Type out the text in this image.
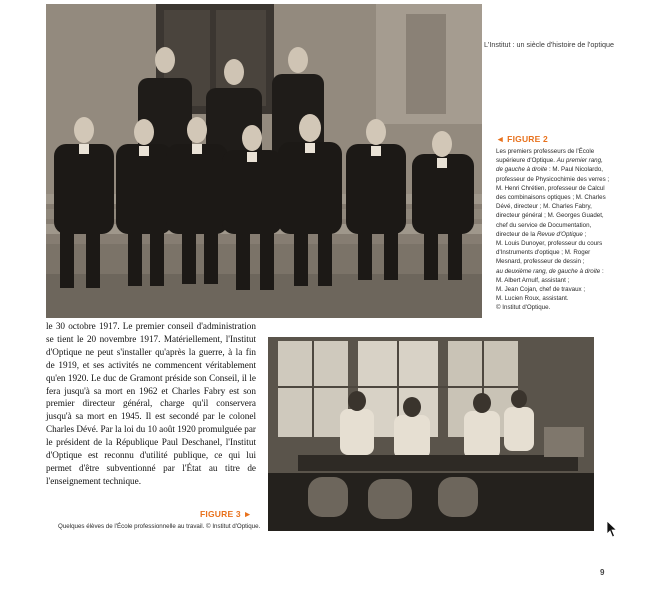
L'Institut : un siècle d'histoire de l'optique
◄ FIGURE 2

Les premiers professeurs de l'École

supérieure d'Optique. Au premier rang,

de gauche à droite : M. Paul Nicolardo,

professeur de Physicochimie des verres ;

M. Henri Chrétien, professeur de Calcul

des combinaisons optiques ; M. Charles

Dévé, directeur ; M. Charles Fabry,

directeur général ; M. Georges Guadet,

chef du service de Documentation,

directeur de la Revue d'Optique ;

M. Louis Dunoyer, professeur du cours

d'Instruments d'optique ; M. Roger

Mesnard, professeur de dessin ;

au deuxième rang, de gauche à droite :

M. Albert Arnulf, assistant ;

M. Jean Cojan, chef de travaux ;

M. Lucien Roux, assistant.

© Institut d'Optique.

le 30 octobre 1917. Le premier conseil d'administration se tient le 20 novembre 1917. Matériellement, l'Institut d'Optique ne peut s'installer qu'après la guerre, à la fin de 1919, et ses activités ne commencent véritablement qu'en 1920. Le duc de Gramont préside son Conseil, il le fera jusqu'à sa mort en 1962 et Charles Fabry est son premier directeur général, charge qu'il conservera jusqu'à sa mort en 1945. Il est secondé par le colonel Charles Dévé. Par la loi du 10 août 1920 promulguée par le président de la République Paul Deschanel, l'Institut d'Optique est reconnu d'utilité publique, ce qui lui permet d'être subventionné par l'État au titre de l'enseignement technique.

FIGURE 3 ►
Quelques élèves de l'École professionnelle au travail. © Institut d'Optique.
9
